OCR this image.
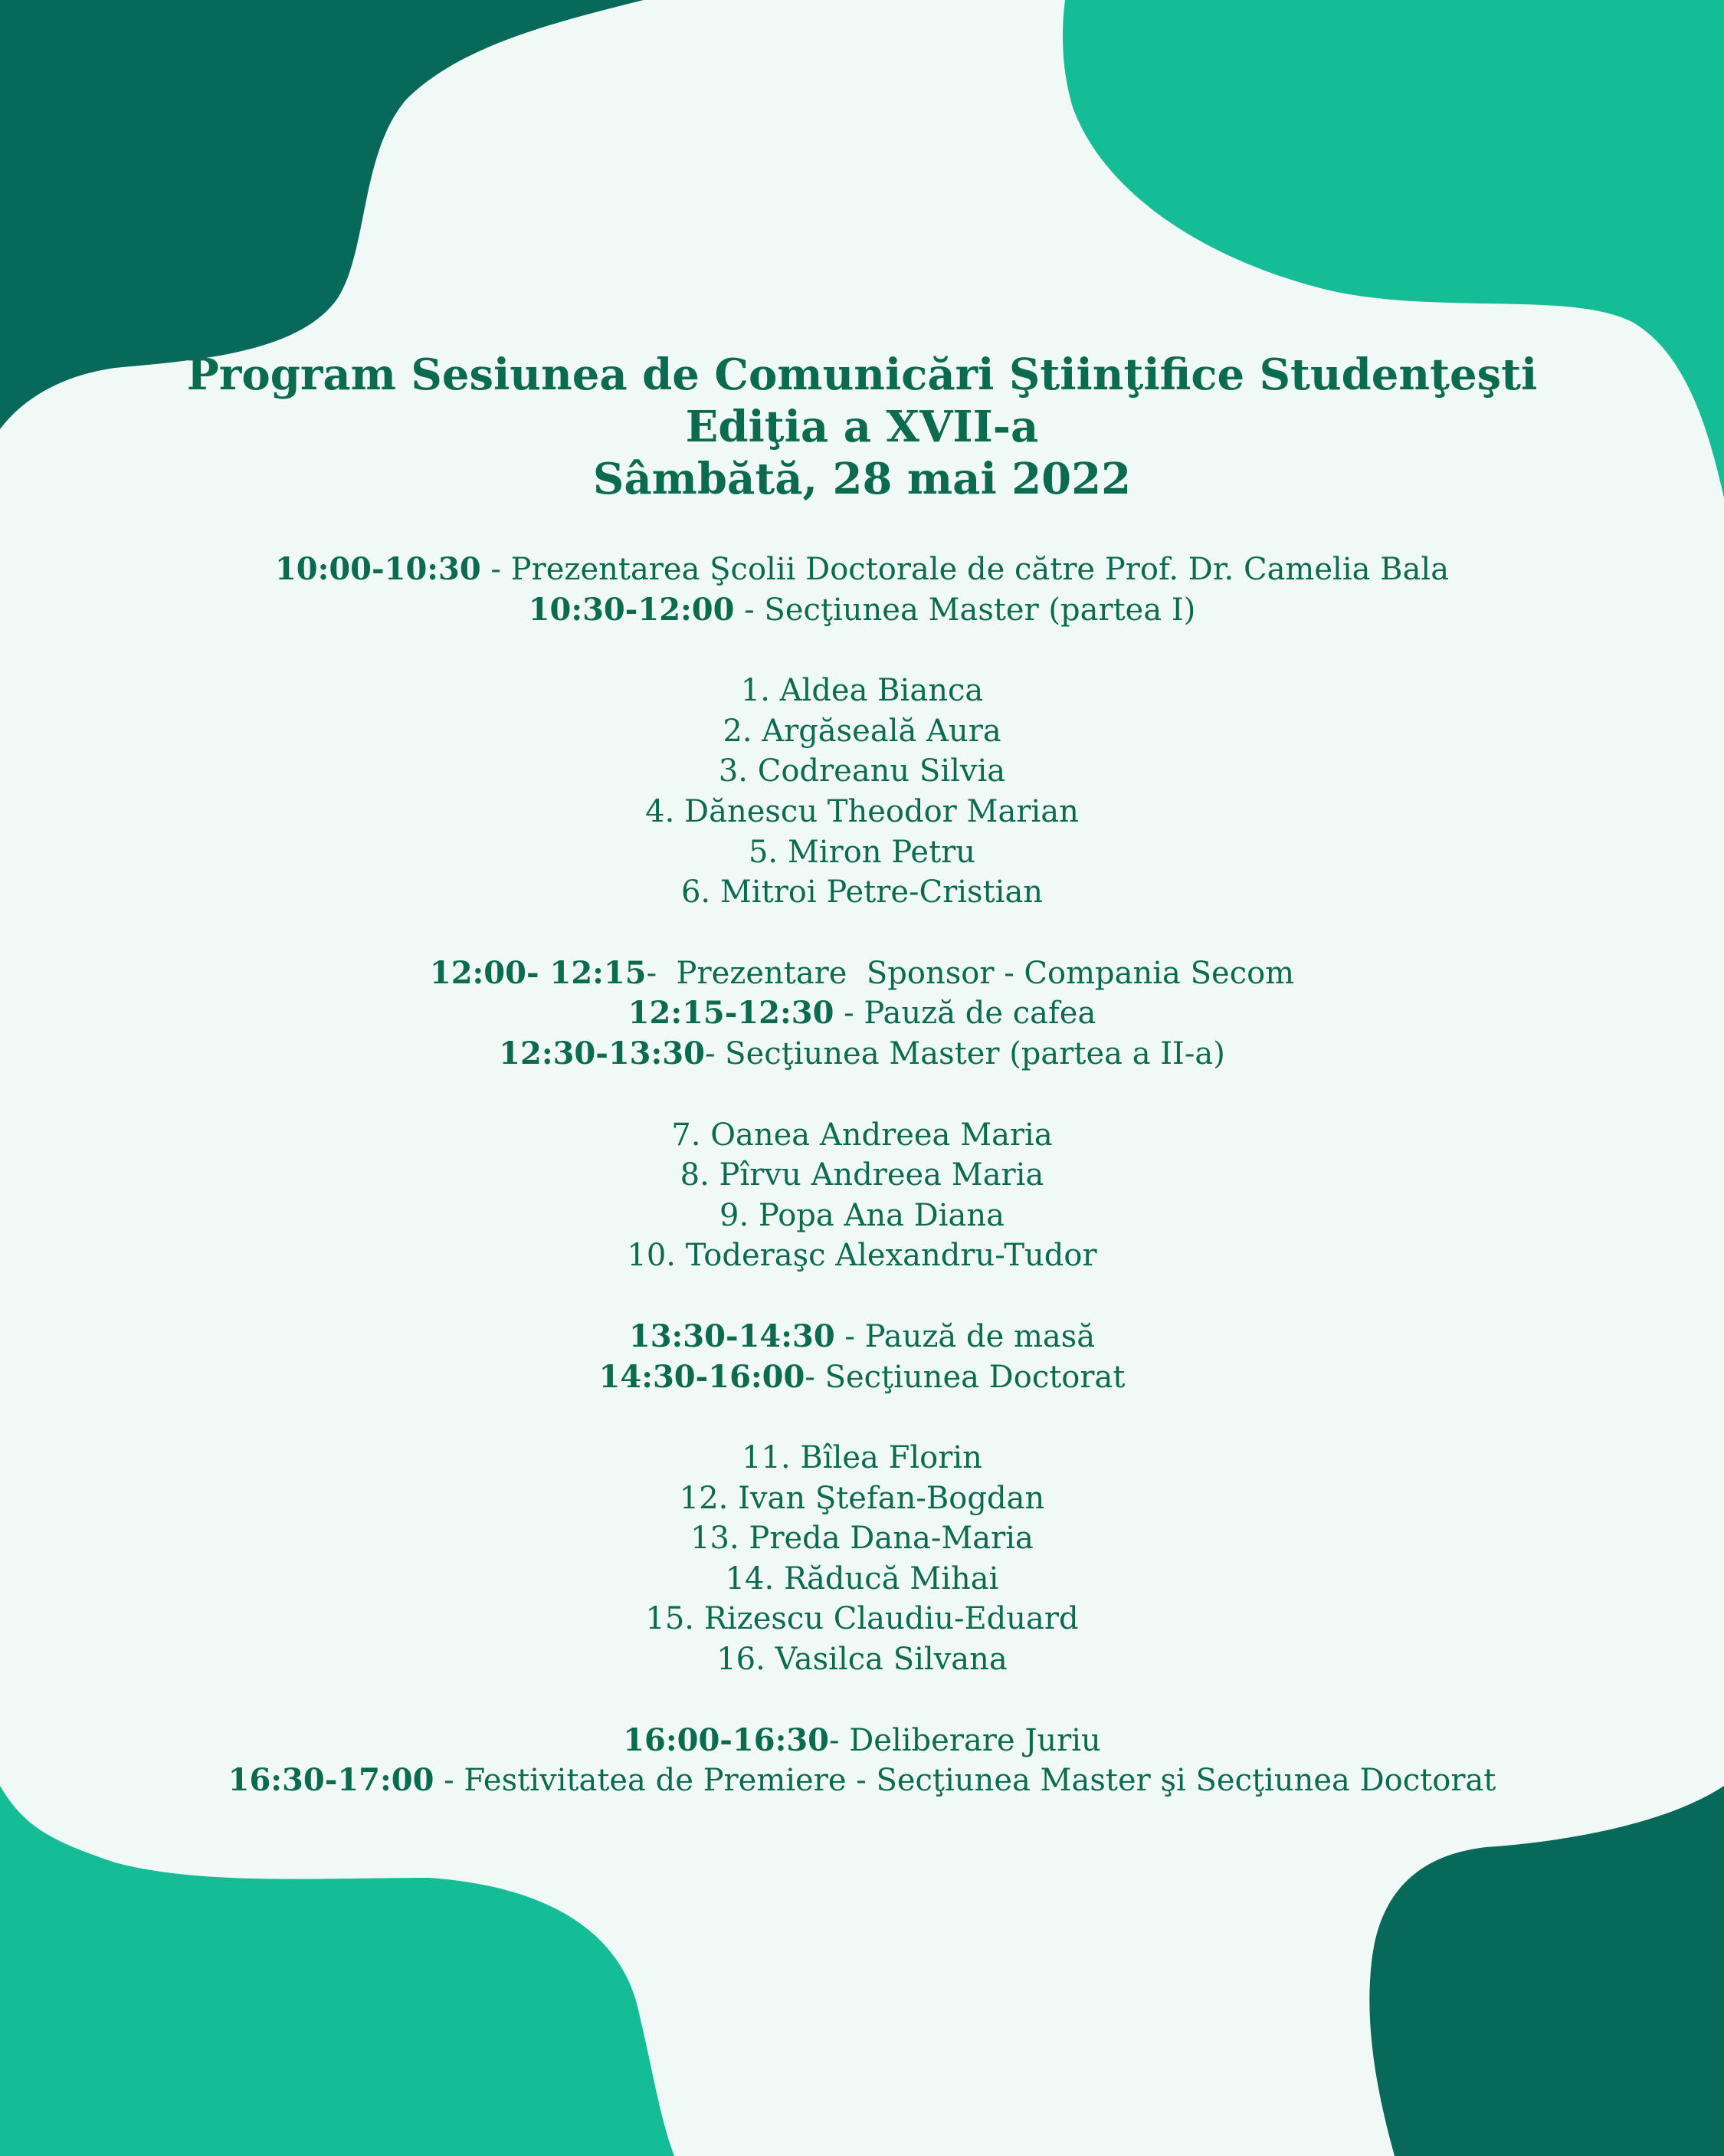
Program Sesiunea de Comunicări Ştiinţifice Studenţeşti

Ediţia a XVII-a

Sâmbătă, 28 mai 2022

10:00-10:30 - Prezentarea Şcolii Doctorale de către Prof. Dr. Camelia Bala

10:30-12:00 - Secţiunea Master (partea I)

1. Aldea Bianca

2. Argăseală Aura

3. Codreanu Silvia

4. Dănescu Theodor Marian

5. Miron Petru

6. Mitroi Petre-Cristian

12:00- 12:15-  Prezentare  Sponsor - Compania Secom

12:15-12:30 - Pauză de cafea

12:30-13:30- Secţiunea Master (partea a II-a)

7. Oanea Andreea Maria

8. Pîrvu Andreea Maria

9. Popa Ana Diana

10. Toderaşc Alexandru-Tudor

13:30-14:30 - Pauză de masă

14:30-16:00- Secţiunea Doctorat

11. Bîlea Florin

12. Ivan Ştefan-Bogdan

13. Preda Dana-Maria

14. Răducă Mihai

15. Rizescu Claudiu-Eduard

16. Vasilca Silvana

16:00-16:30- Deliberare Juriu

16:30-17:00 - Festivitatea de Premiere - Secţiunea Master şi Secţiunea Doctorat
